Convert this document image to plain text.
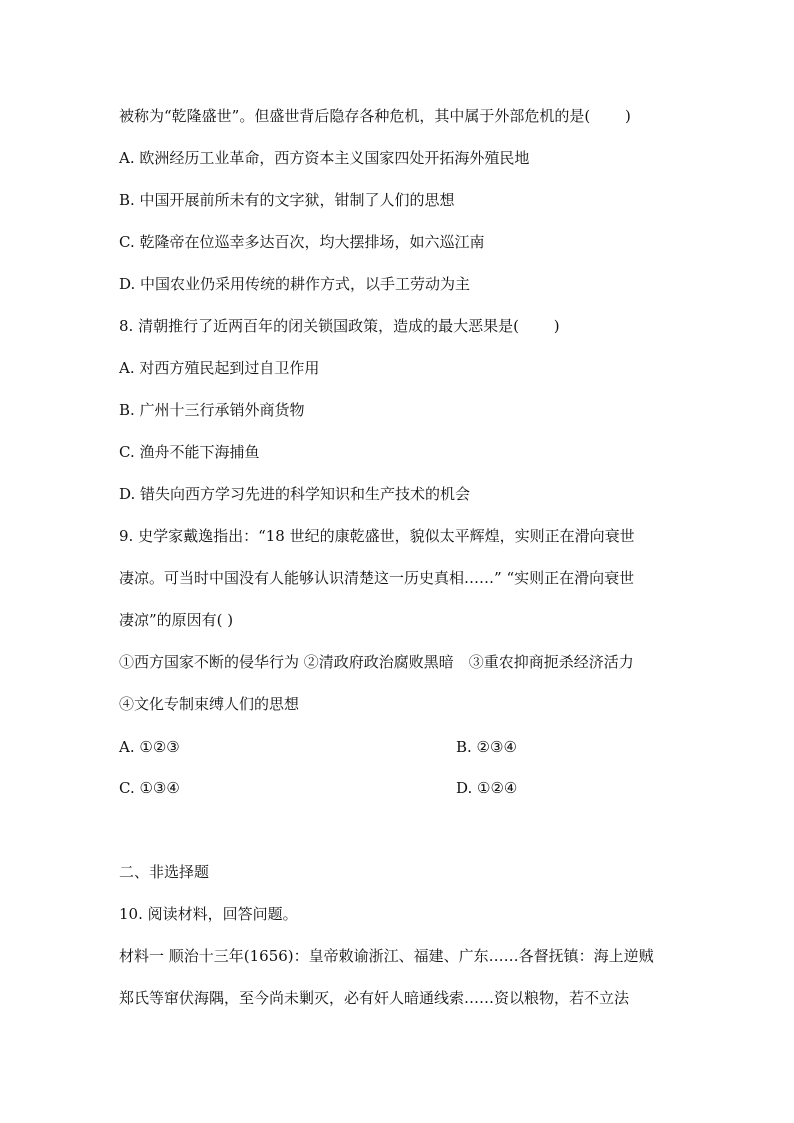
被称为“乾隆盛世”。但盛世背后隐存各种危机，其中属于外部危机的是(　　 )
A. 欧洲经历工业革命，西方资本主义国家四处开拓海外殖民地
B. 中国开展前所未有的文字狱，钳制了人们的思想
C. 乾隆帝在位巡幸多达百次，均大摆排场，如六巡江南
D. 中国农业仍采用传统的耕作方式，以手工劳动为主
8. 清朝推行了近两百年的闭关锁国政策，造成的最大恶果是(　　 )
A. 对西方殖民起到过自卫作用
B. 广州十三行承销外商货物
C. 渔舟不能下海捕鱼
D. 错失向西方学习先进的科学知识和生产技术的机会
9. 史学家戴逸指出：“18 世纪的康乾盛世，貌似太平辉煌，实则正在滑向衰世
凄凉。可当时中国没有人能够认识清楚这一历史真相……” “实则正在滑向衰世
凄凉”的原因有( )
①西方国家不断的侵华行为 ②清政府政治腐败黑暗　③重农抑商扼杀经济活力
④文化专制束缚人们的思想
A. ①②③	B. ②③④
C. ①③④	D. ①②④
二、非选择题
10. 阅读材料，回答问题。
材料一 顺治十三年(1656)：皇帝敕谕浙江、福建、广东……各督抚镇：海上逆贼
郑氏等窜伏海隅，至今尚未剿灭，必有奸人暗通线索……资以粮物，若不立法
